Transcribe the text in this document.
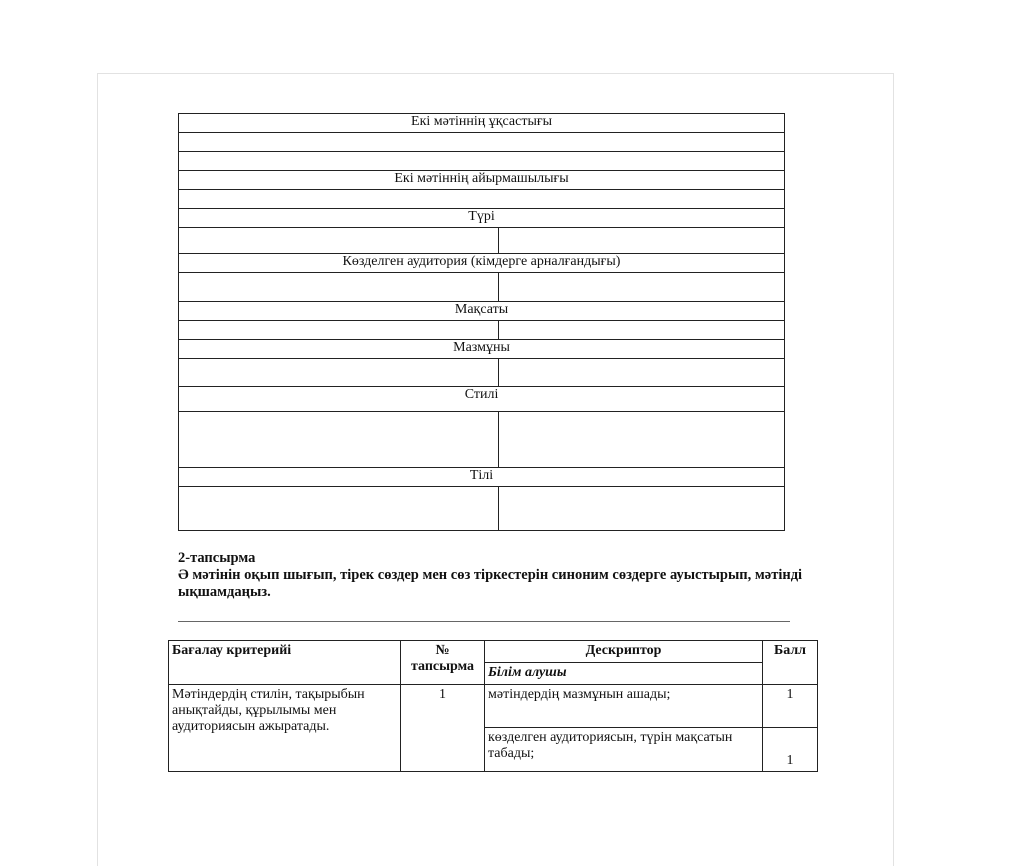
Екі мәтіннің ұқсастығы	

Екі мәтіннің айырмашылығы	

Түрі	

Көзделген аудитория (кімдерге арналғандығы)	

Мақсаты	

Мазмұны	

Стилі	

Тілі	

2-тапсырма
Ә мәтінін оқып шығып, тірек сөздер мен сөз тіркестерін синоним сөздерге ауыстырып, мәтінді ықшамдаңыз.
Бағалау критерийі	№ тапсырма	Дескриптор	Балл
		Білім алушы	
Мәтіндердің стилін, тақырыбын анықтайды, құрылымы мен аудиториясын ажыратады.	1	мәтіндердің мазмұнын ашады;	1
		көзделген аудиториясын, түрін мақсатын табады;	1
